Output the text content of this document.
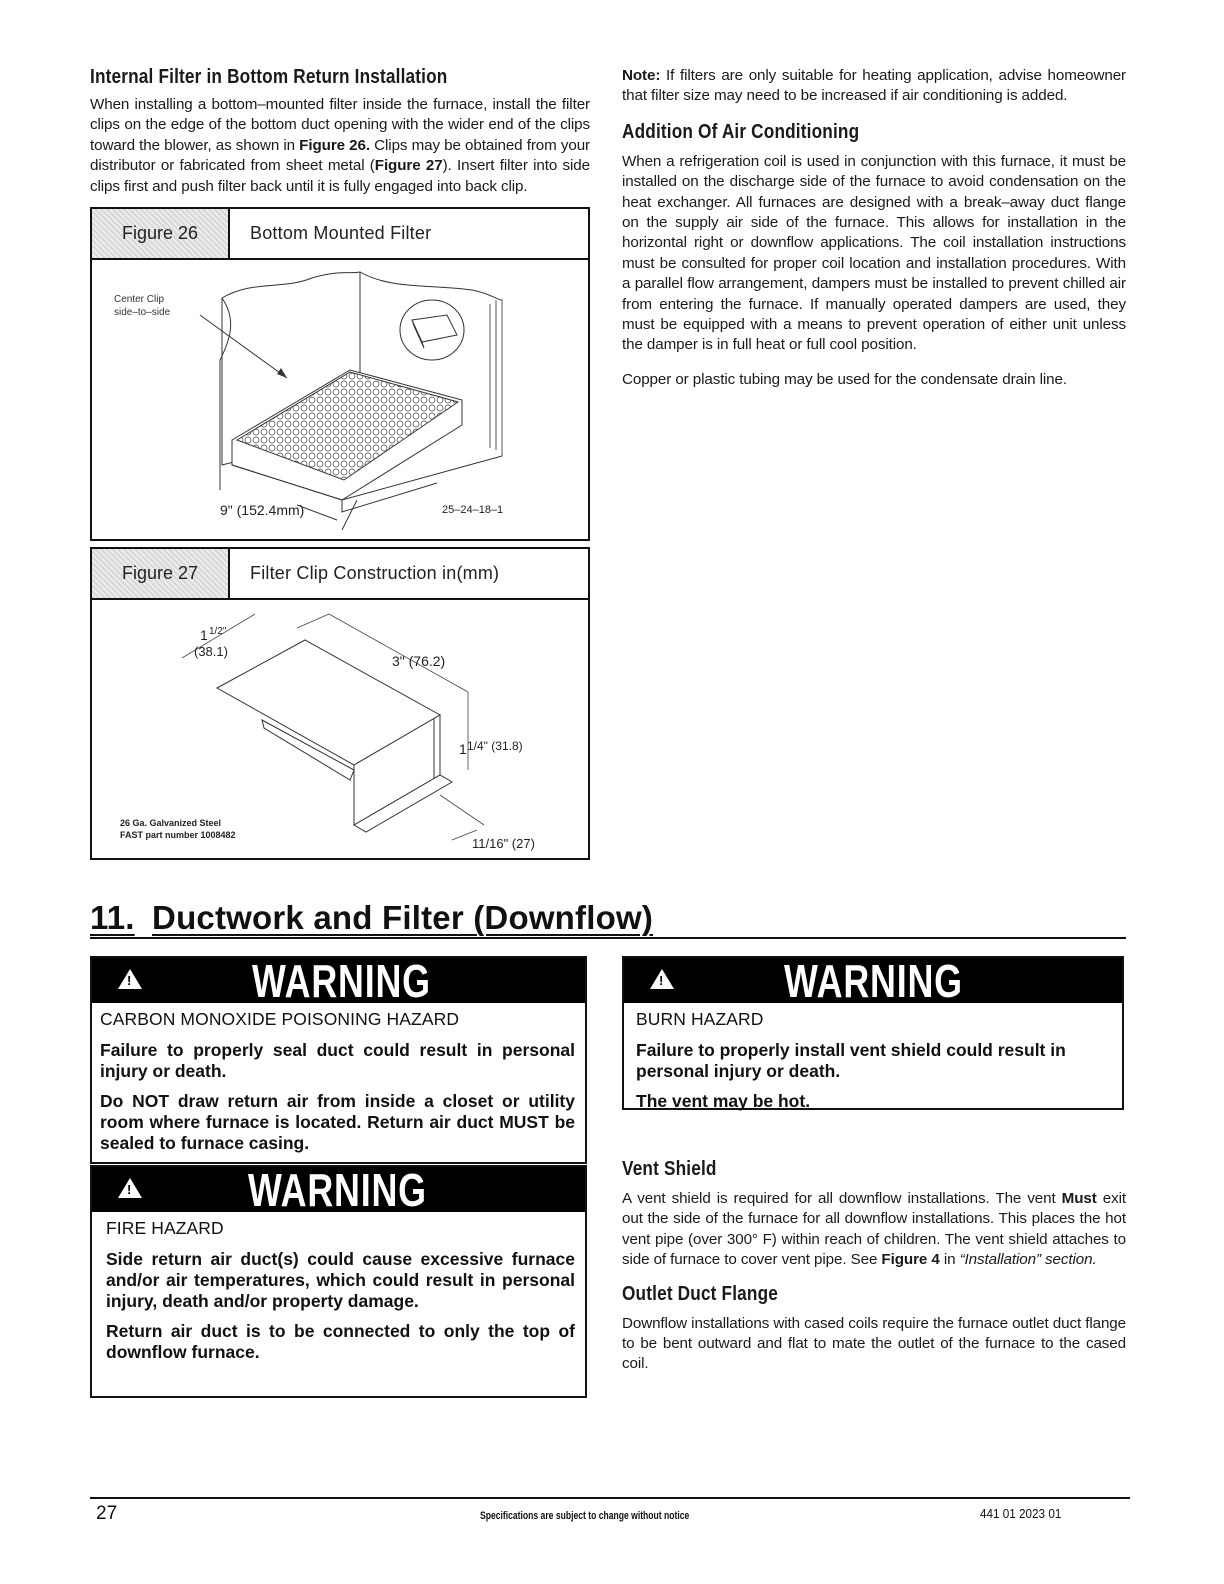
Internal Filter in Bottom Return Installation

When installing a bottom–mounted filter inside the furnace, install the filter clips on the edge of the bottom duct opening with the wider end of the clips toward the blower, as shown in Figure 26. Clips may be obtained from your distributor or fabricated from sheet metal (Figure 27). Insert filter into side clips first and push filter back until it is fully engaged into back clip.

Figure 26	Bottom Mounted Filter
Center Clip
side–to–side
9" (152.4mm)	25–24–18–1
Figure 27	Filter Clip Construction in(mm)
1 1/2"
(38.1)
3" (76.2)
1 1/4" (31.8)
11/16" (27)
26 Ga. Galvanized Steel
FAST part number 1008482

Note: If filters are only suitable for heating application, advise homeowner that filter size may need to be increased if air conditioning is added.

Addition Of Air Conditioning

When a refrigeration coil is used in conjunction with this furnace, it must be installed on the discharge side of the furnace to avoid condensation on the heat exchanger. All furnaces are designed with a break–away duct flange on the supply air side of the furnace. This allows for installation in the horizontal right or downflow applications. The coil installation instructions must be consulted for proper coil location and installation procedures. With a parallel flow arrangement, dampers must be installed to prevent chilled air from entering the furnace. If manually operated dampers are used, they must be equipped with a means to prevent operation of either unit unless the damper is in full heat or full cool position.

Copper or plastic tubing may be used for the condensate drain line.

11. Ductwork and Filter (Downflow)
!
WARNING
CARBON MONOXIDE POISONING HAZARD
Failure to properly seal duct could result in personal injury or death.
Do NOT draw return air from inside a closet or utility room where furnace is located. Return air duct MUST be sealed to furnace casing.
!
WARNING
FIRE HAZARD
Side return air duct(s) could cause excessive furnace and/or air temperatures, which could result in personal injury, death and/or property damage.
Return air duct is to be connected to only the top of downflow furnace.
!
WARNING
BURN HAZARD
Failure to properly install vent shield could result in personal injury or death.
The vent may be hot.
Vent Shield

A vent shield is required for all downflow installations. The vent Must exit out the side of the furnace for all downflow installations. This places the hot vent pipe (over 300° F) within reach of children. The vent shield attaches to side of furnace to cover vent pipe. See Figure 4 in “Installation” section.

Outlet Duct Flange

Downflow installations with cased coils require the furnace outlet duct flange to be bent outward and flat to mate the outlet of the furnace to the cased coil.

27	Specifications are subject to change without notice	441 01 2023 01
